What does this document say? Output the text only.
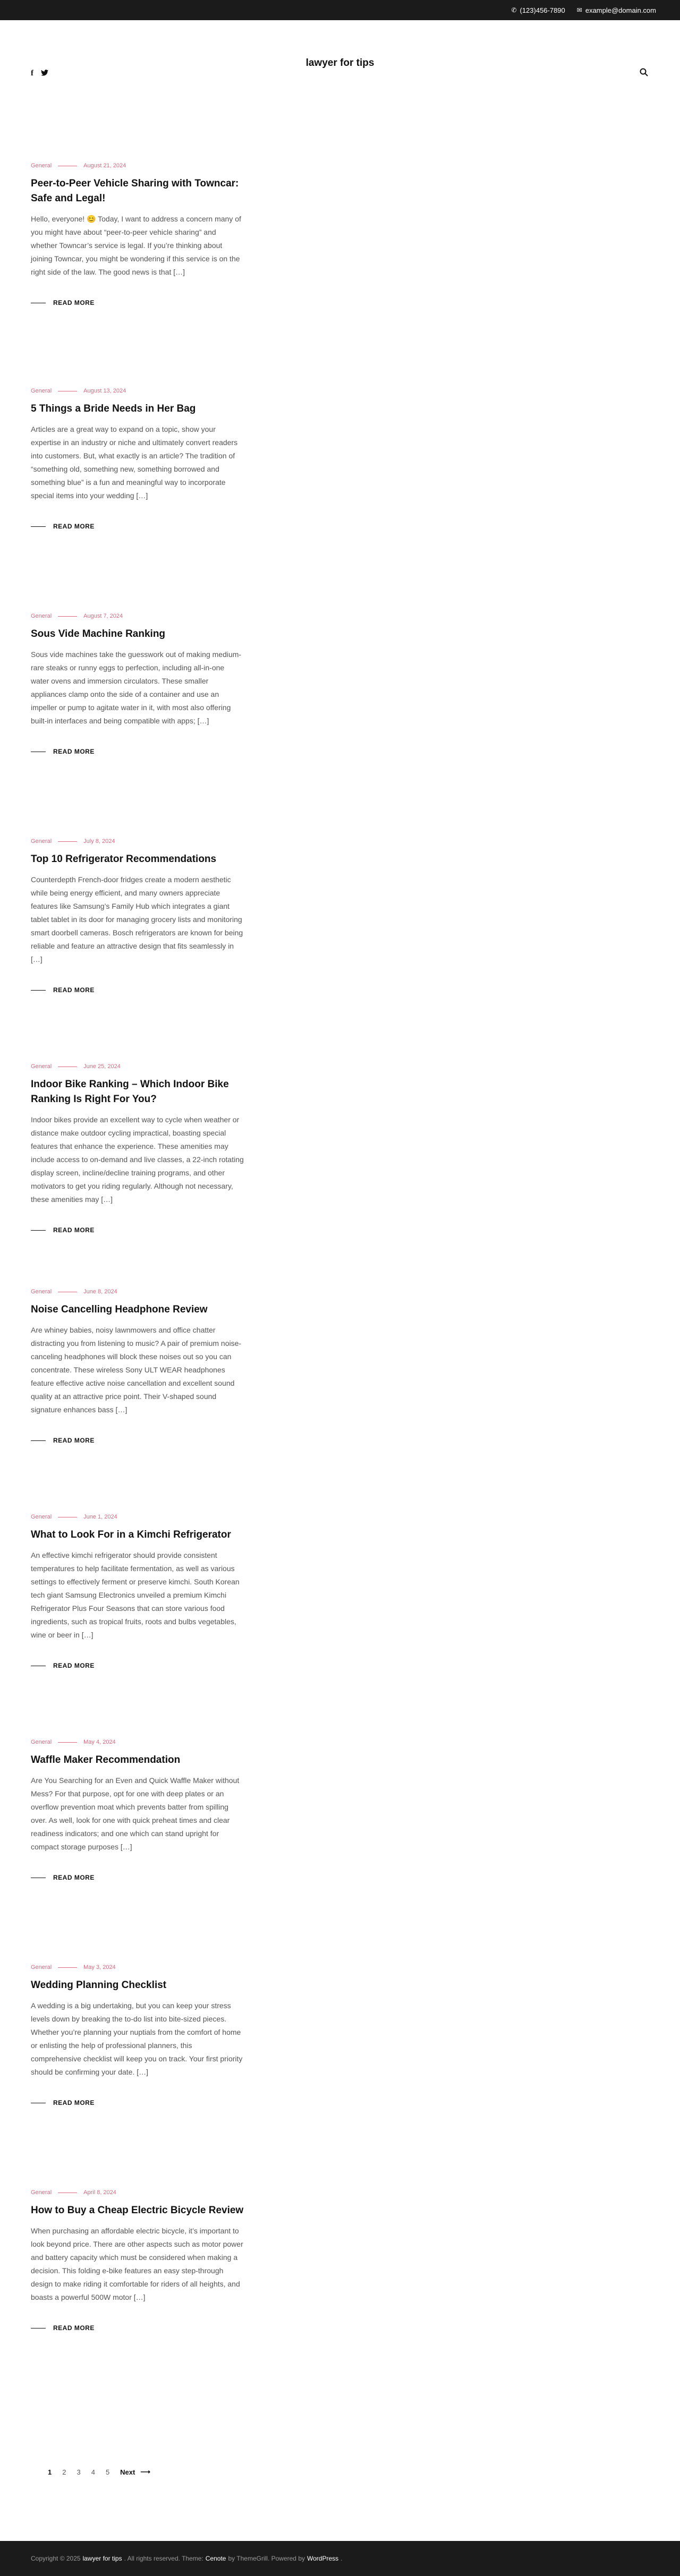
✆ (123)456-7890 ✉ example@domain.com
lawyer for tips
f
General	August 21, 2024
Peer-to-Peer Vehicle Sharing with Towncar: Safe and Legal!

Hello, everyone! 😊 Today, I want to address a concern many of you might have about “peer-to-peer vehicle sharing” and whether Towncar’s service is legal. If you’re thinking about joining Towncar, you might be wondering if this service is on the right side of the law. The good news is that […]

READ MORE
General	August 13, 2024
5 Things a Bride Needs in Her Bag

Articles are a great way to expand on a topic, show your expertise in an industry or niche and ultimately convert readers into customers. But, what exactly is an article? The tradition of “something old, something new, something borrowed and something blue” is a fun and meaningful way to incorporate special items into your wedding […]

READ MORE
General	August 7, 2024
Sous Vide Machine Ranking

Sous vide machines take the guesswork out of making medium-rare steaks or runny eggs to perfection, including all-in-one water ovens and immersion circulators. These smaller appliances clamp onto the side of a container and use an impeller or pump to agitate water in it, with most also offering built-in interfaces and being compatible with apps; […]

READ MORE
General	July 8, 2024
Top 10 Refrigerator Recommendations

Counterdepth French-door fridges create a modern aesthetic while being energy efficient, and many owners appreciate features like Samsung’s Family Hub which integrates a giant tablet tablet in its door for managing grocery lists and monitoring smart doorbell cameras. Bosch refrigerators are known for being reliable and feature an attractive design that fits seamlessly in […]

READ MORE
General	June 25, 2024
Indoor Bike Ranking – Which Indoor Bike Ranking Is Right For You?

Indoor bikes provide an excellent way to cycle when weather or distance make outdoor cycling impractical, boasting special features that enhance the experience. These amenities may include access to on-demand and live classes, a 22-inch rotating display screen, incline/decline training programs, and other motivators to get you riding regularly. Although not necessary, these amenities may […]

READ MORE
General	June 8, 2024
Noise Cancelling Headphone Review

Are whiney babies, noisy lawnmowers and office chatter distracting you from listening to music? A pair of premium noise-canceling headphones will block these noises out so you can concentrate. These wireless Sony ULT WEAR headphones feature effective active noise cancellation and excellent sound quality at an attractive price point. Their V-shaped sound signature enhances bass […]

READ MORE
General	June 1, 2024
What to Look For in a Kimchi Refrigerator

An effective kimchi refrigerator should provide consistent temperatures to help facilitate fermentation, as well as various settings to effectively ferment or preserve kimchi. South Korean tech giant Samsung Electronics unveiled a premium Kimchi Refrigerator Plus Four Seasons that can store various food ingredients, such as tropical fruits, roots and bulbs vegetables, wine or beer in […]

READ MORE
General	May 4, 2024
Waffle Maker Recommendation

Are You Searching for an Even and Quick Waffle Maker without Mess? For that purpose, opt for one with deep plates or an overflow prevention moat which prevents batter from spilling over. As well, look for one with quick preheat times and clear readiness indicators; and one which can stand upright for compact storage purposes […]

READ MORE
General	May 3, 2024
Wedding Planning Checklist

A wedding is a big undertaking, but you can keep your stress levels down by breaking the to-do list into bite-sized pieces. Whether you’re planning your nuptials from the comfort of home or enlisting the help of professional planners, this comprehensive checklist will keep you on track. Your first priority should be confirming your date. […]

READ MORE
General	April 8, 2024
How to Buy a Cheap Electric Bicycle Review

When purchasing an affordable electric bicycle, it’s important to look beyond price. There are other aspects such as motor power and battery capacity which must be considered when making a decision. This folding e-bike features an easy step-through design to make riding it comfortable for riders of all heights, and boasts a powerful 500W motor […]

READ MORE
1 2 3 4 5 Next ⟶
Copyright © 2025 lawyer for tips . All rights reserved. Theme: Cenote by ThemeGrill. Powered by WordPress .
